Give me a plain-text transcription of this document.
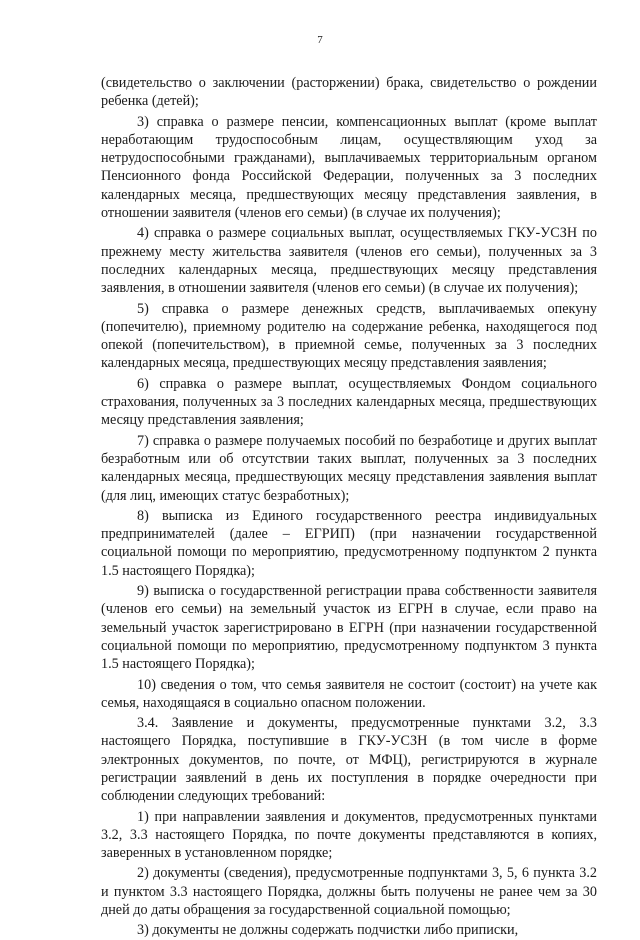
7

(свидетельство о заключении (расторжении) брака, свидетельство о рождении ребенка (детей);

3) справка о размере пенсии, компенсационных выплат (кроме выплат неработающим трудоспособным лицам, осуществляющим уход за нетрудоспособными гражданами), выплачиваемых территориальным органом Пенсионного фонда Российской Федерации, полученных за 3 последних календарных месяца, предшествующих месяцу представления заявления, в отношении заявителя (членов его семьи) (в случае их получения);

4) справка о размере социальных выплат, осуществляемых ГКУ-УСЗН по прежнему месту жительства заявителя (членов его семьи), полученных за 3 последних календарных месяца, предшествующих месяцу представления заявления, в отношении заявителя (членов его семьи) (в случае их получения);

5) справка о размере денежных средств, выплачиваемых опекуну (попечителю), приемному родителю на содержание ребенка, находящегося под опекой (попечительством), в приемной семье, полученных за 3 последних календарных месяца, предшествующих месяцу представления заявления;

6) справка о размере выплат, осуществляемых Фондом социального страхования, полученных за 3 последних календарных месяца, предшествующих месяцу представления заявления;

7) справка о размере получаемых пособий по безработице и других выплат безработным или об отсутствии таких выплат, полученных за 3 последних календарных месяца, предшествующих месяцу представления заявления выплат (для лиц, имеющих статус безработных);

8) выписка из Единого государственного реестра индивидуальных предпринимателей (далее – ЕГРИП) (при назначении государственной социальной помощи по мероприятию, предусмотренному подпунктом 2 пункта 1.5 настоящего Порядка);

9) выписка о государственной регистрации права собственности заявителя (членов его семьи) на земельный участок из ЕГРН в случае, если право на земельный участок зарегистрировано в ЕГРН (при назначении государственной социальной помощи по мероприятию, предусмотренному подпунктом 3 пункта 1.5 настоящего Порядка);

10) сведения о том, что семья заявителя не состоит (состоит) на учете как семья, находящаяся в социально опасном положении.

3.4. Заявление и документы, предусмотренные пунктами 3.2, 3.3 настоящего Порядка, поступившие в ГКУ-УСЗН (в том числе в форме электронных документов, по почте, от МФЦ), регистрируются в журнале регистрации заявлений в день их поступления в порядке очередности при соблюдении следующих требований:

1) при направлении заявления и документов, предусмотренных пунктами 3.2, 3.3 настоящего Порядка, по почте документы представляются в копиях, заверенных в установленном порядке;

2) документы (сведения), предусмотренные подпунктами 3, 5, 6 пункта 3.2 и пунктом 3.3 настоящего Порядка, должны быть получены не ранее чем за 30 дней до даты обращения за государственной социальной помощью;

3) документы не должны содержать подчистки либо приписки,
